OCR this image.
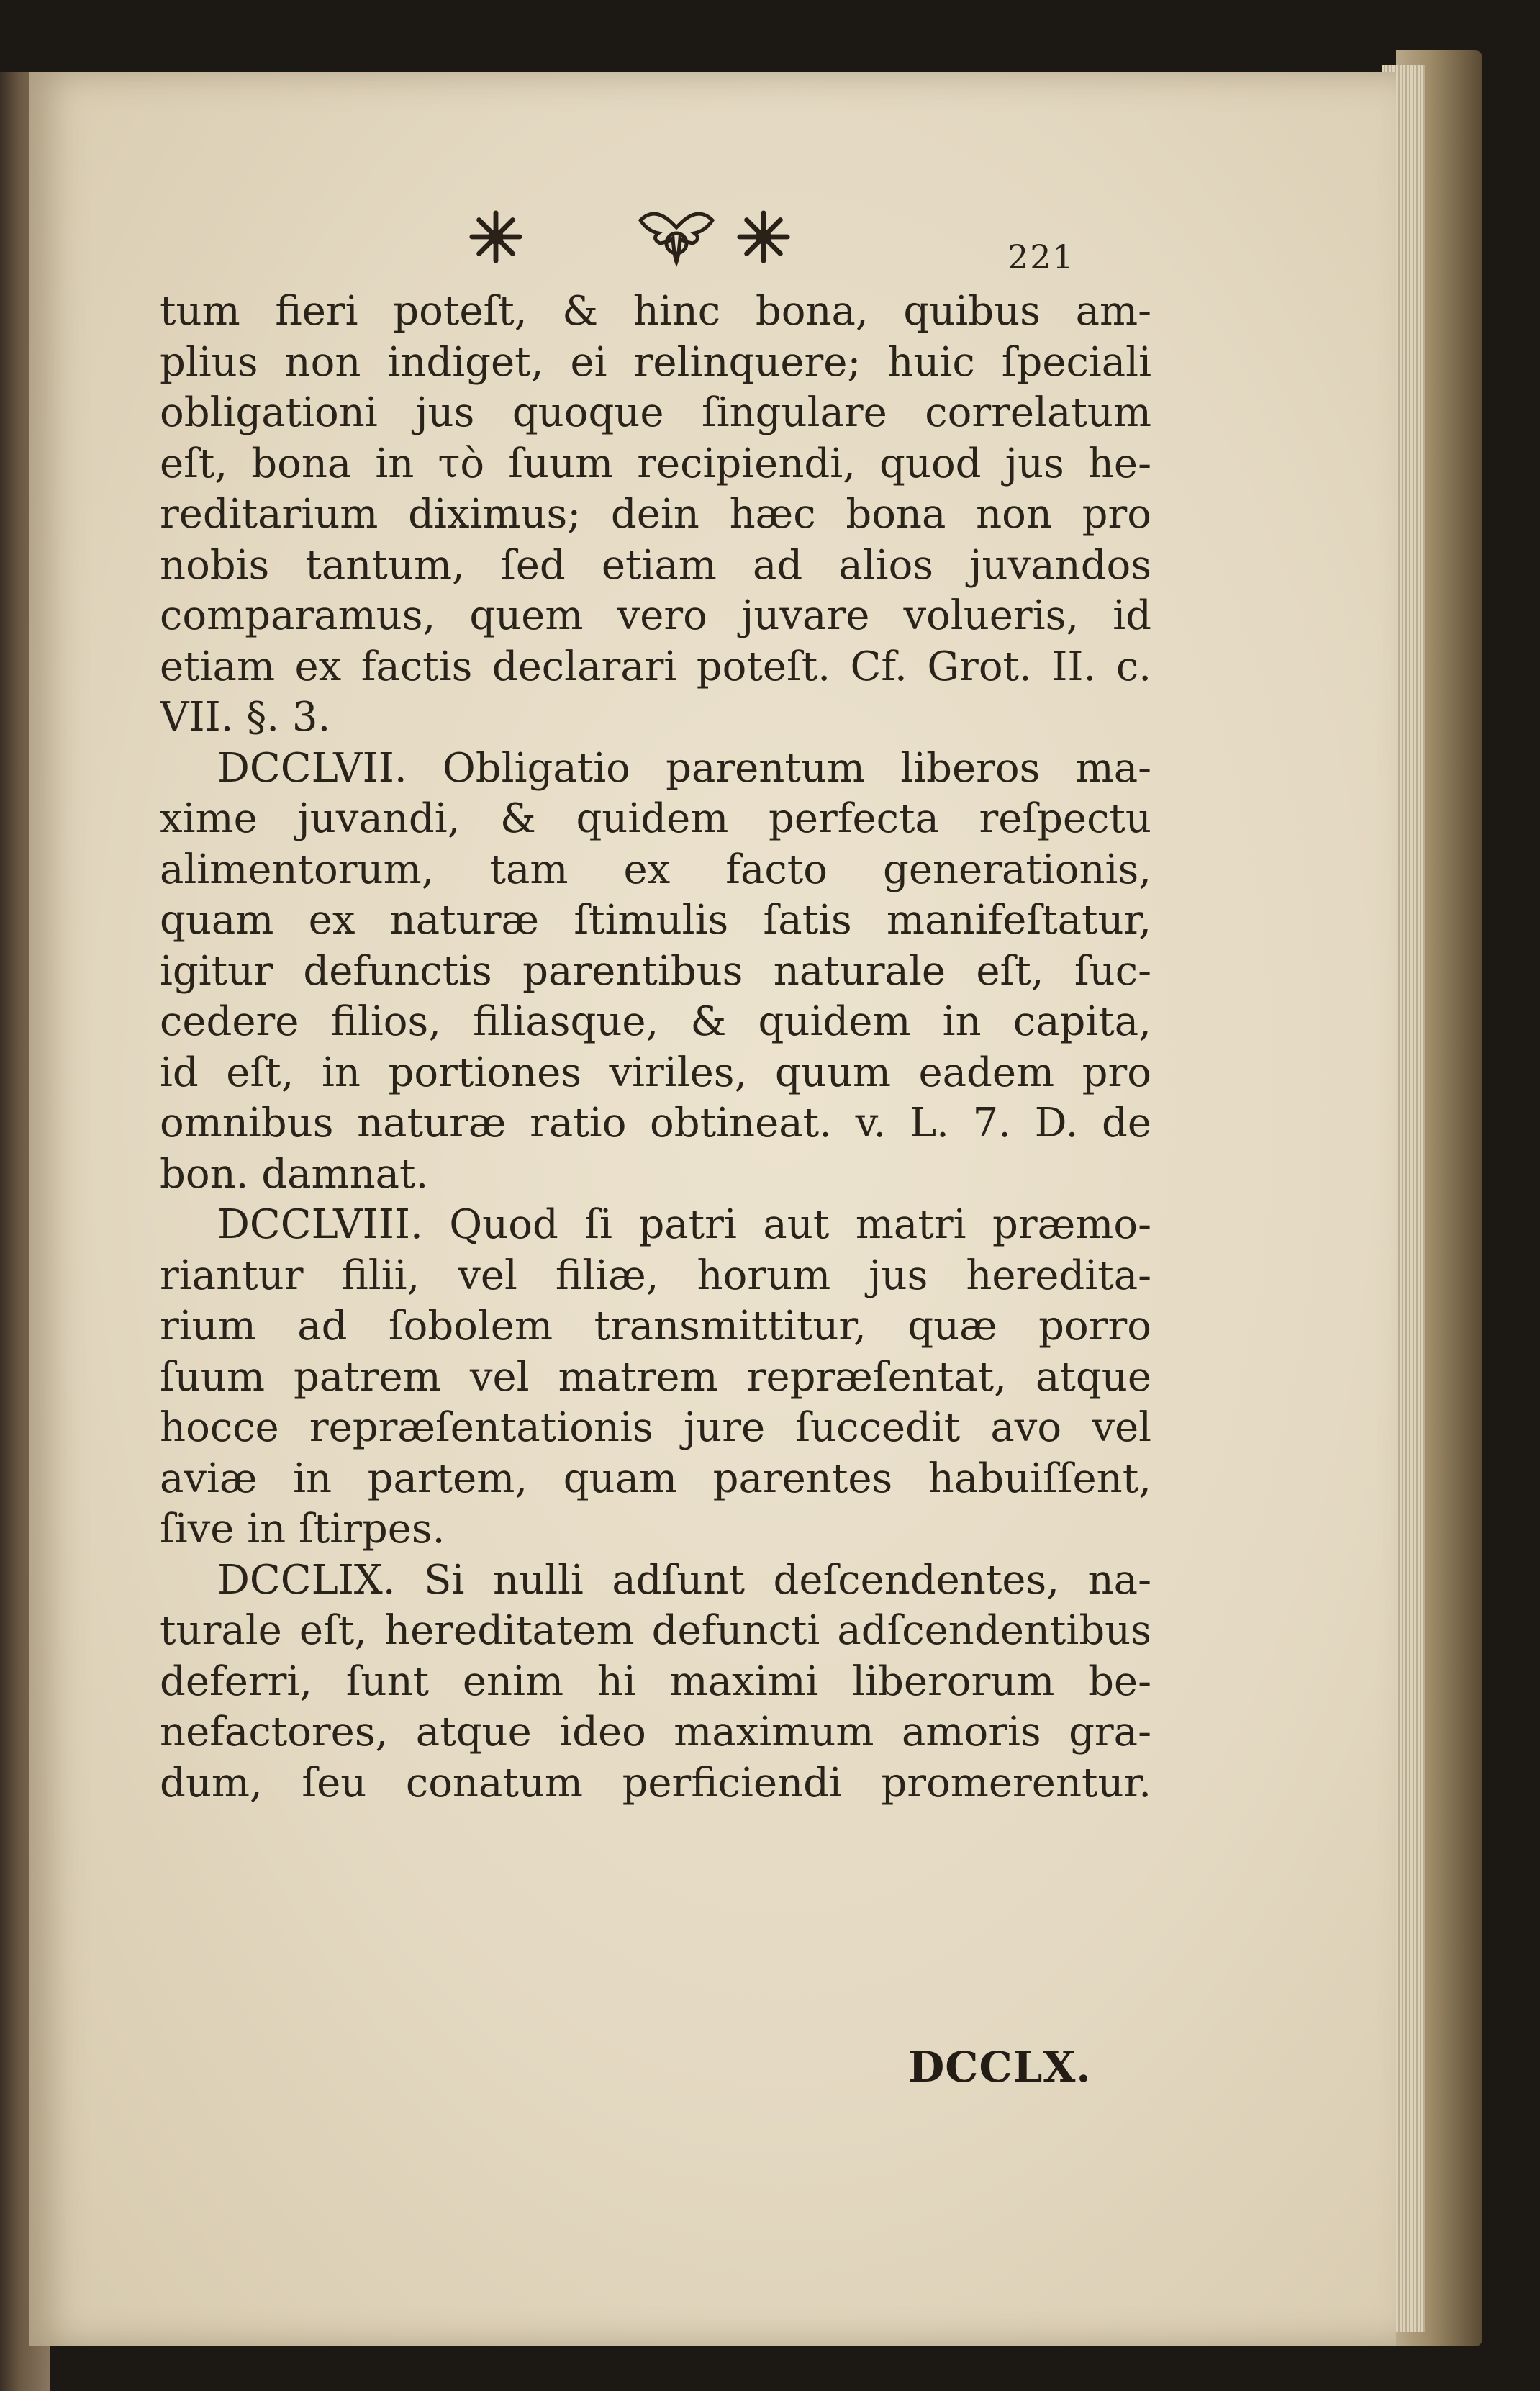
221
tum fieri poteſt, & hinc bona, quibus am-
plius non indiget, ei relinquere; huic ſpeciali
obligationi jus quoque ſingulare correlatum
eſt, bona in τὸ ſuum recipiendi, quod jus he-
reditarium diximus; dein hæc bona non pro
nobis tantum, ſed etiam ad alios juvandos
comparamus, quem vero juvare volueris, id
etiam ex factis declarari poteſt. Cf. Grot. II. c.
VII. §. 3.
DCCLVII. Obligatio parentum liberos ma-
xime juvandi, & quidem perfecta reſpectu
alimentorum, tam ex facto generationis,
quam ex naturæ ſtimulis ſatis manifeſtatur,
igitur defunctis parentibus naturale eſt, ſuc-
cedere filios, filiasque, & quidem in capita,
id eſt, in portiones viriles, quum eadem pro
omnibus naturæ ratio obtineat. v. L. 7. D. de
bon. damnat.
DCCLVIII. Quod ſi patri aut matri præmo-
riantur filii, vel filiæ, horum jus heredita-
rium ad ſobolem transmittitur, quæ porro
ſuum patrem vel matrem repræſentat, atque
hocce repræſentationis jure ſuccedit avo vel
aviæ in partem, quam parentes habuiſſent,
ſive in ſtirpes.
DCCLIX. Si nulli adſunt deſcendentes, na-
turale eſt, hereditatem defuncti adſcendentibus
deferri, ſunt enim hi maximi liberorum be-
nefactores, atque ideo maximum amoris gra-
dum, ſeu conatum perficiendi promerentur.
DCCLX.
